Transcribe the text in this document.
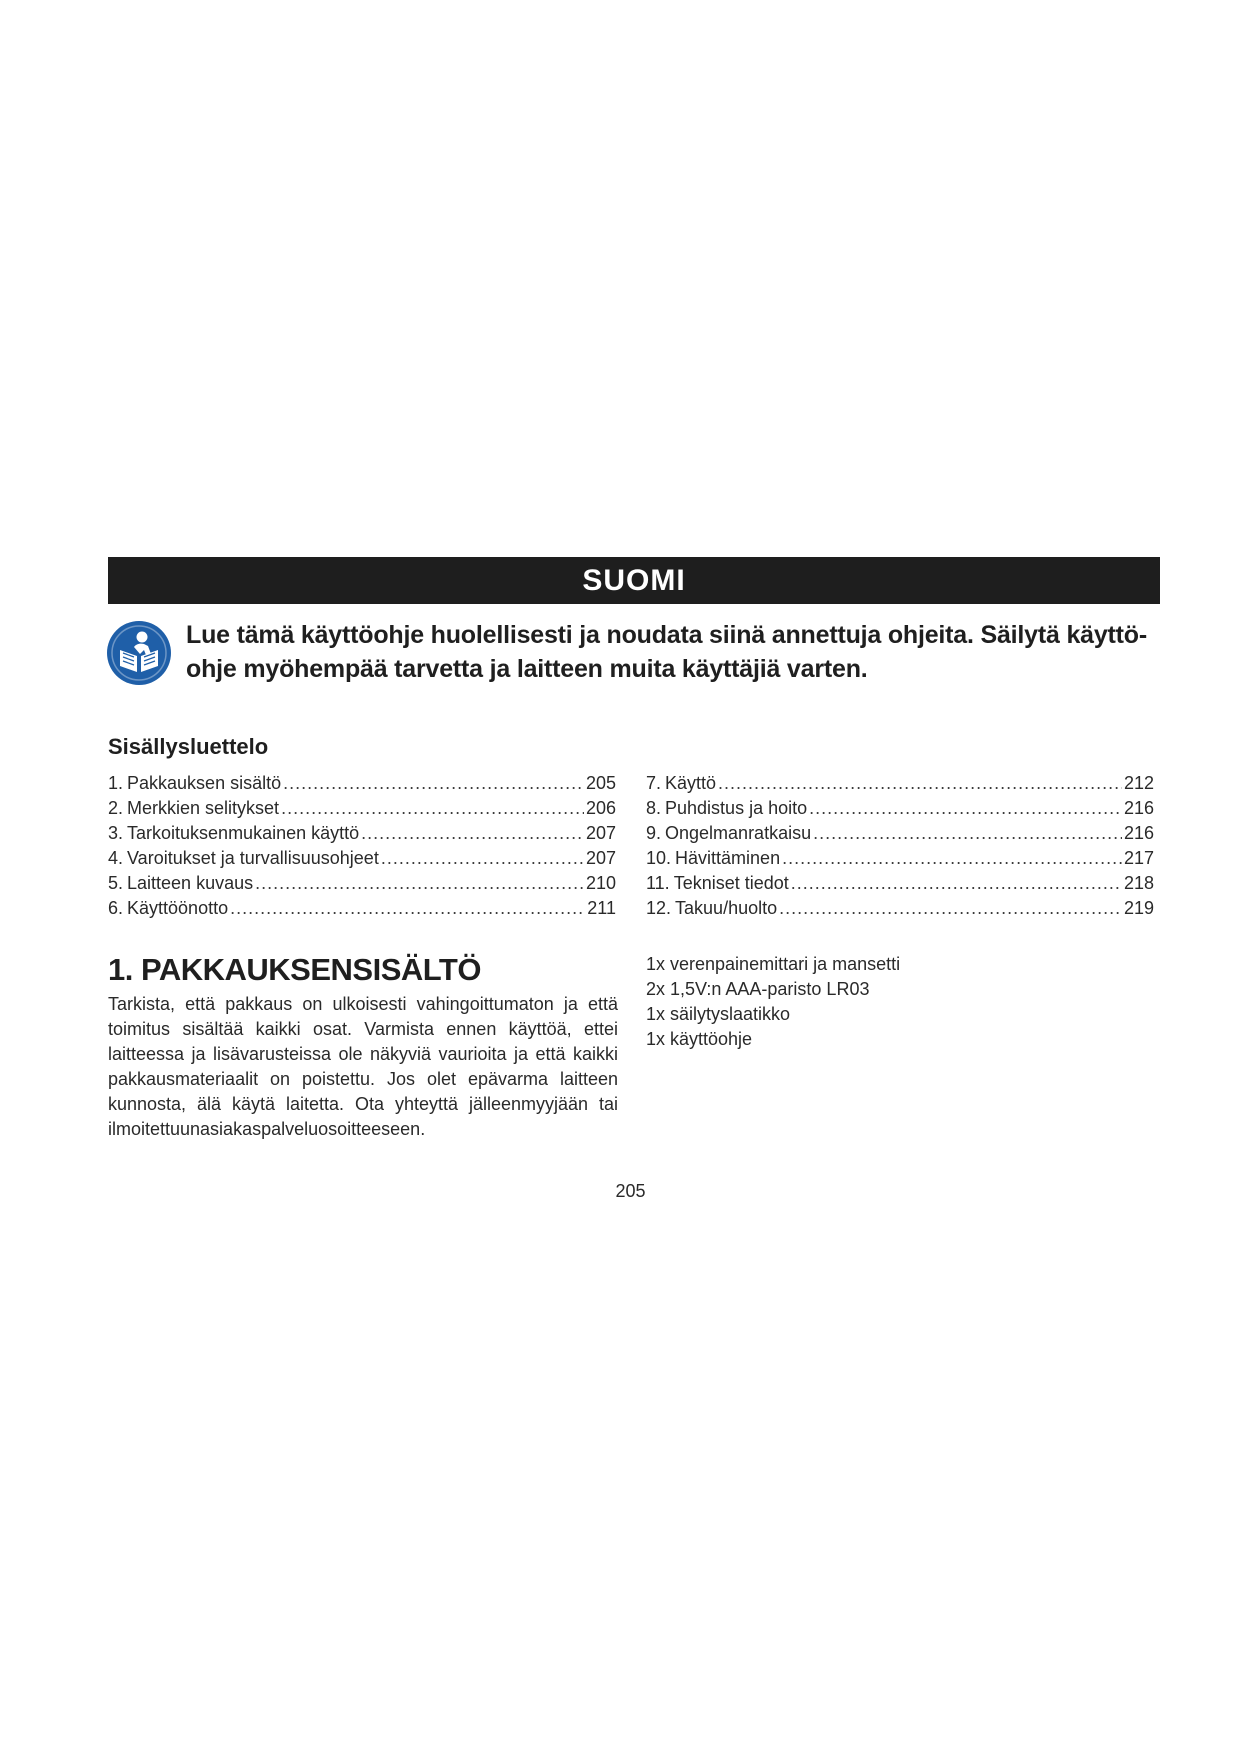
SUOMI
Lue tämä käyttöohje huolellisesti ja noudata siinä annettuja ohjeita. Säilytä käyttö-ohje myöhempää tarvetta ja laitteen muita käyttäjiä varten.
Sisällysluettelo
1. Pakkauksen sisältö .....	205
2. Merkkien selitykset .....	206
3. Tarkoituksenmukainen käyttö .....	207
4. Varoitukset ja turvallisuusohjeet .....	207
5. Laitteen kuvaus .....	210
6. Käyttöönotto .....	211
7. Käyttö .....	212
8. Puhdistus ja hoito .....	216
9. Ongelmanratkaisu .....	216
10. Hävittäminen .....	217
11. Tekniset tiedot .....	218
12. Takuu/huolto .....	219
1. PAKKAUKSENSISÄLTÖ

Tarkista, että pakkaus on ulkoisesti vahingoittumaton ja että toimitus sisältää kaikki osat. Varmista ennen käyttöä, ettei laitteessa ja lisävarusteissa ole näkyviä vaurioita ja että kaikki pakkausmateriaalit on poistettu. Jos olet epävarma laitteen kunnosta, älä käytä laitetta. Ota yhteyttä jälleenmyyjään tai ilmoitettuunasiakaspalveluosoitteeseen.

1x verenpainemittari ja mansetti
2x 1,5V:n AAA-paristo LR03
1x säilytyslaatikko
1x käyttöohje
205
